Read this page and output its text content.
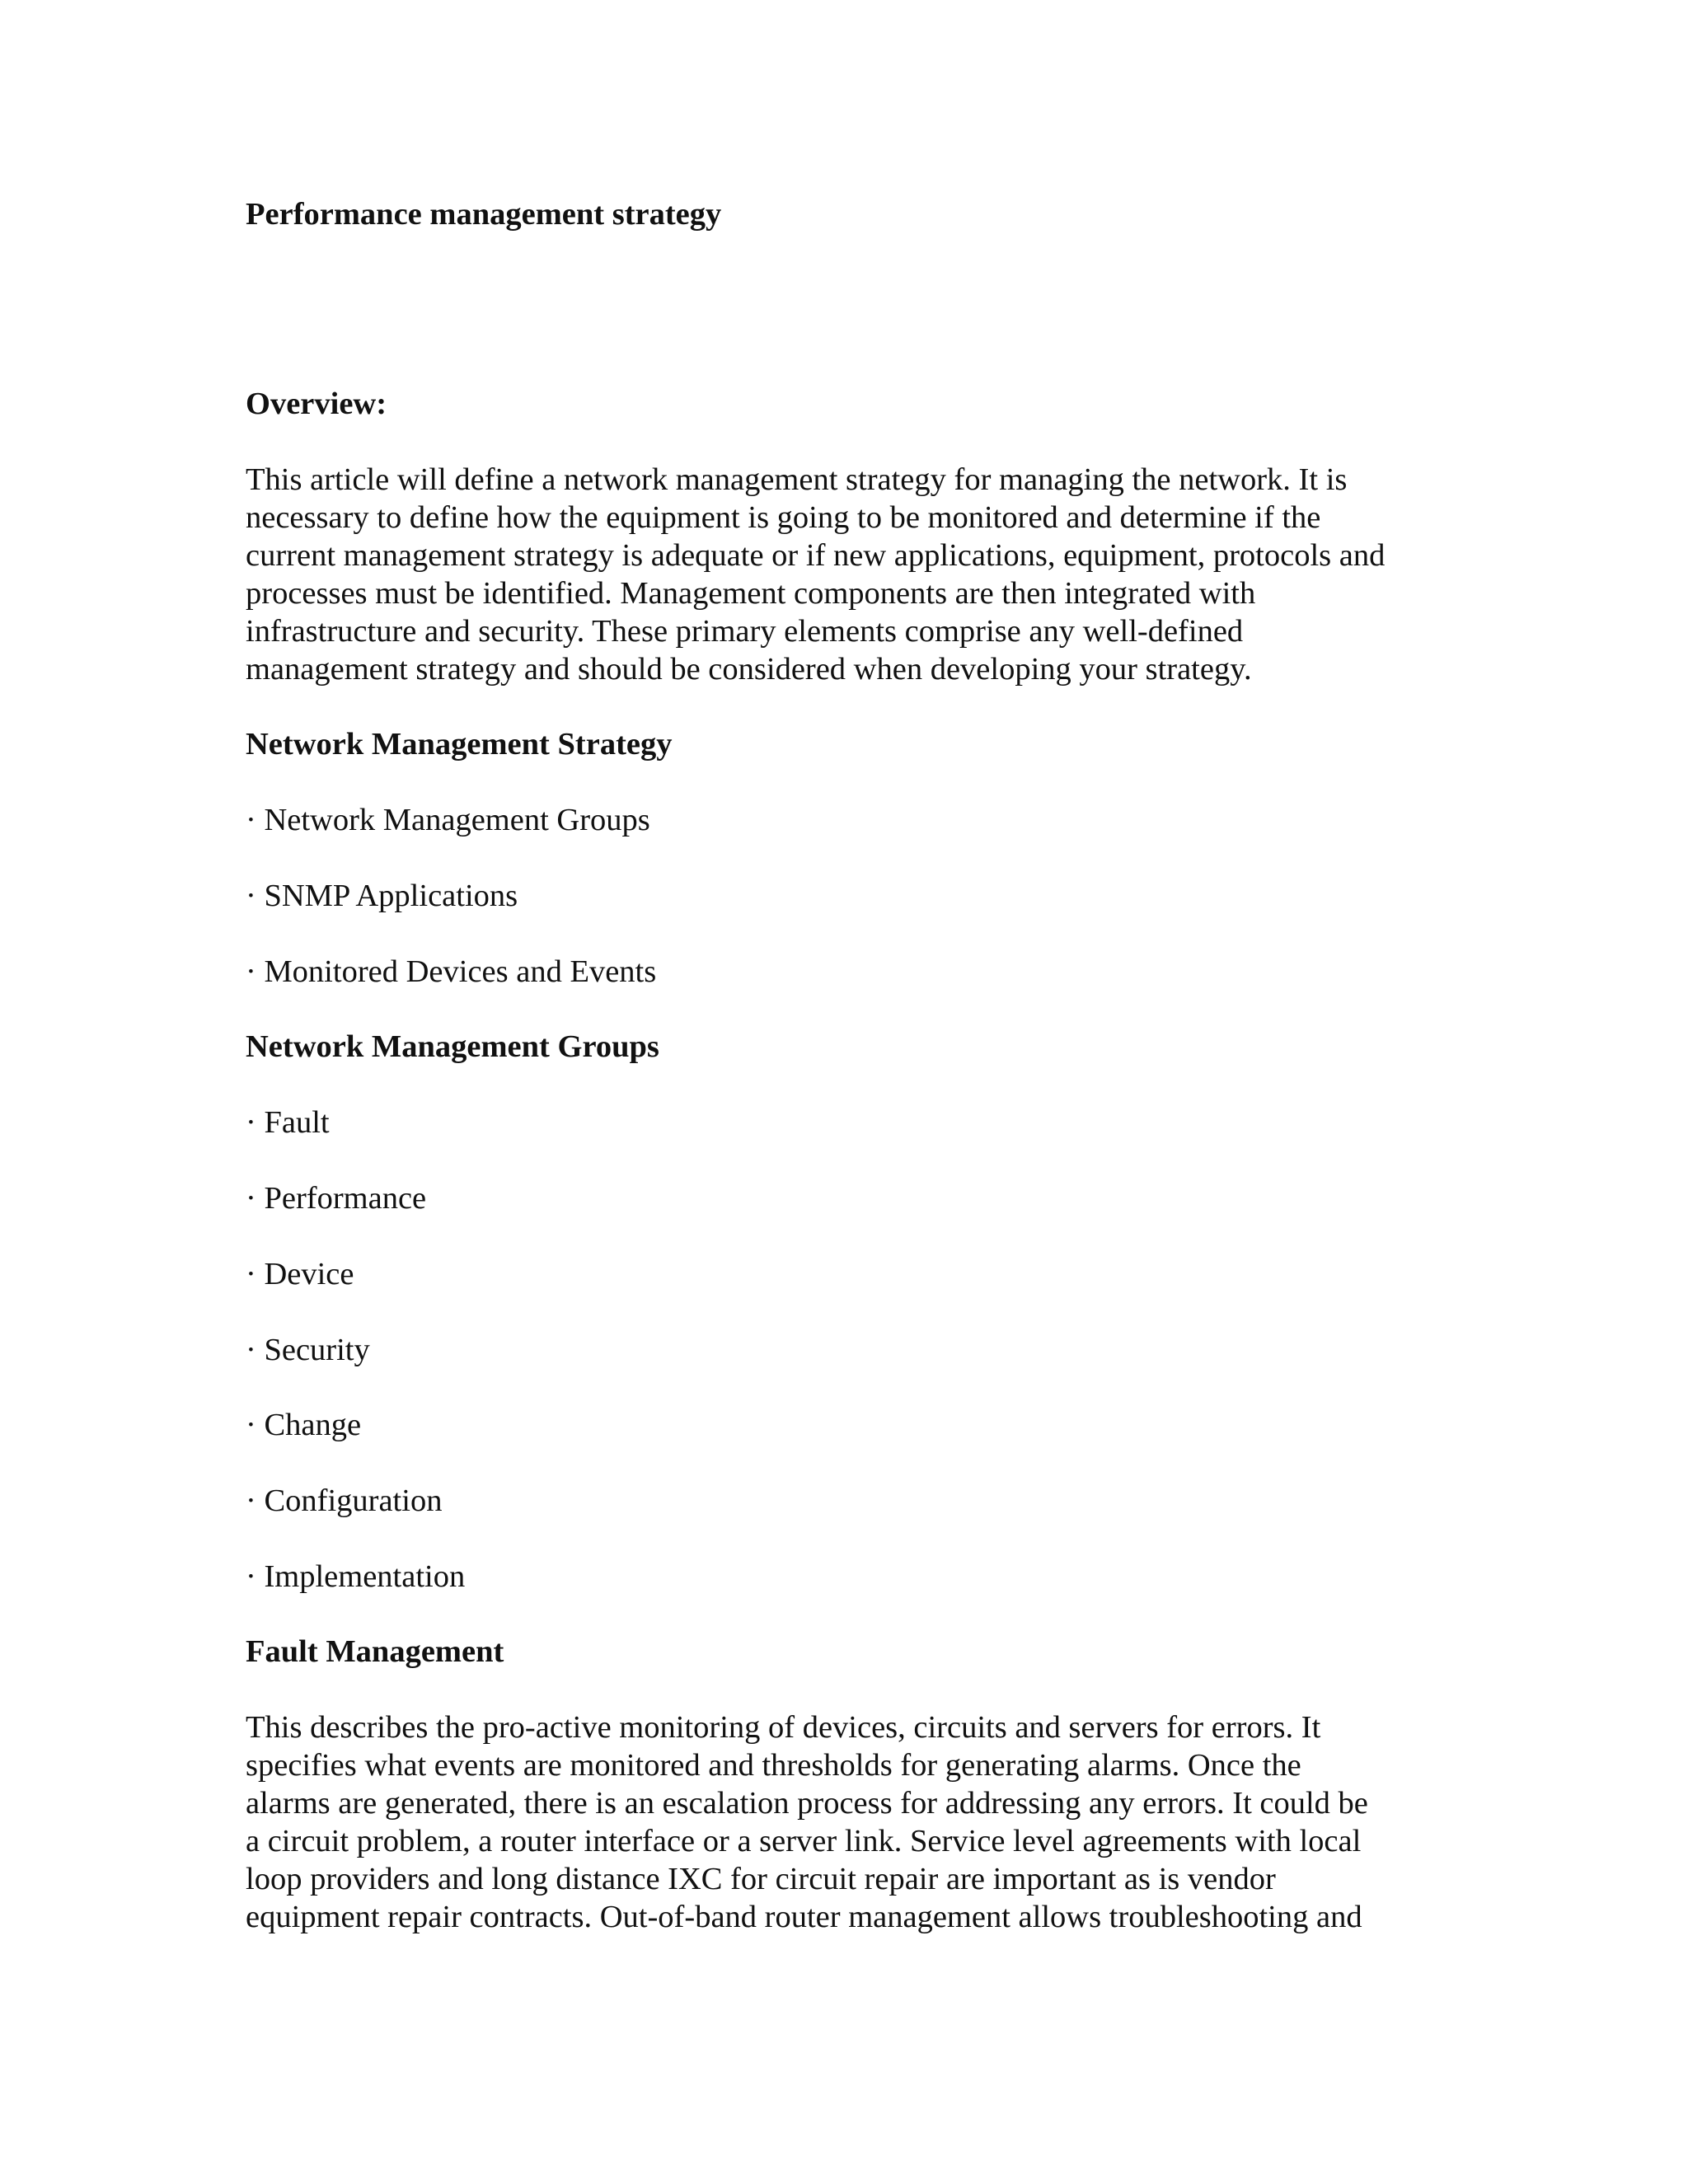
Performance management strategy
Overview:

This article will define a network management strategy for managing the network. It is
necessary to define how the equipment is going to be monitored and determine if the
current management strategy is adequate or if new applications, equipment, protocols and
processes must be identified. Management components are then integrated with
infrastructure and security. These primary elements comprise any well-defined
management strategy and should be considered when developing your strategy.

Network Management Strategy
· Network Management Groups
· SNMP Applications
· Monitored Devices and Events
Network Management Groups
· Fault
· Performance
· Device
· Security
· Change
· Configuration
· Implementation
Fault Management

This describes the pro-active monitoring of devices, circuits and servers for errors. It
specifies what events are monitored and thresholds for generating alarms. Once the
alarms are generated, there is an escalation process for addressing any errors. It could be
a circuit problem, a router interface or a server link. Service level agreements with local
loop providers and long distance IXC for circuit repair are important as is vendor
equipment repair contracts. Out-of-band router management allows troubleshooting and
